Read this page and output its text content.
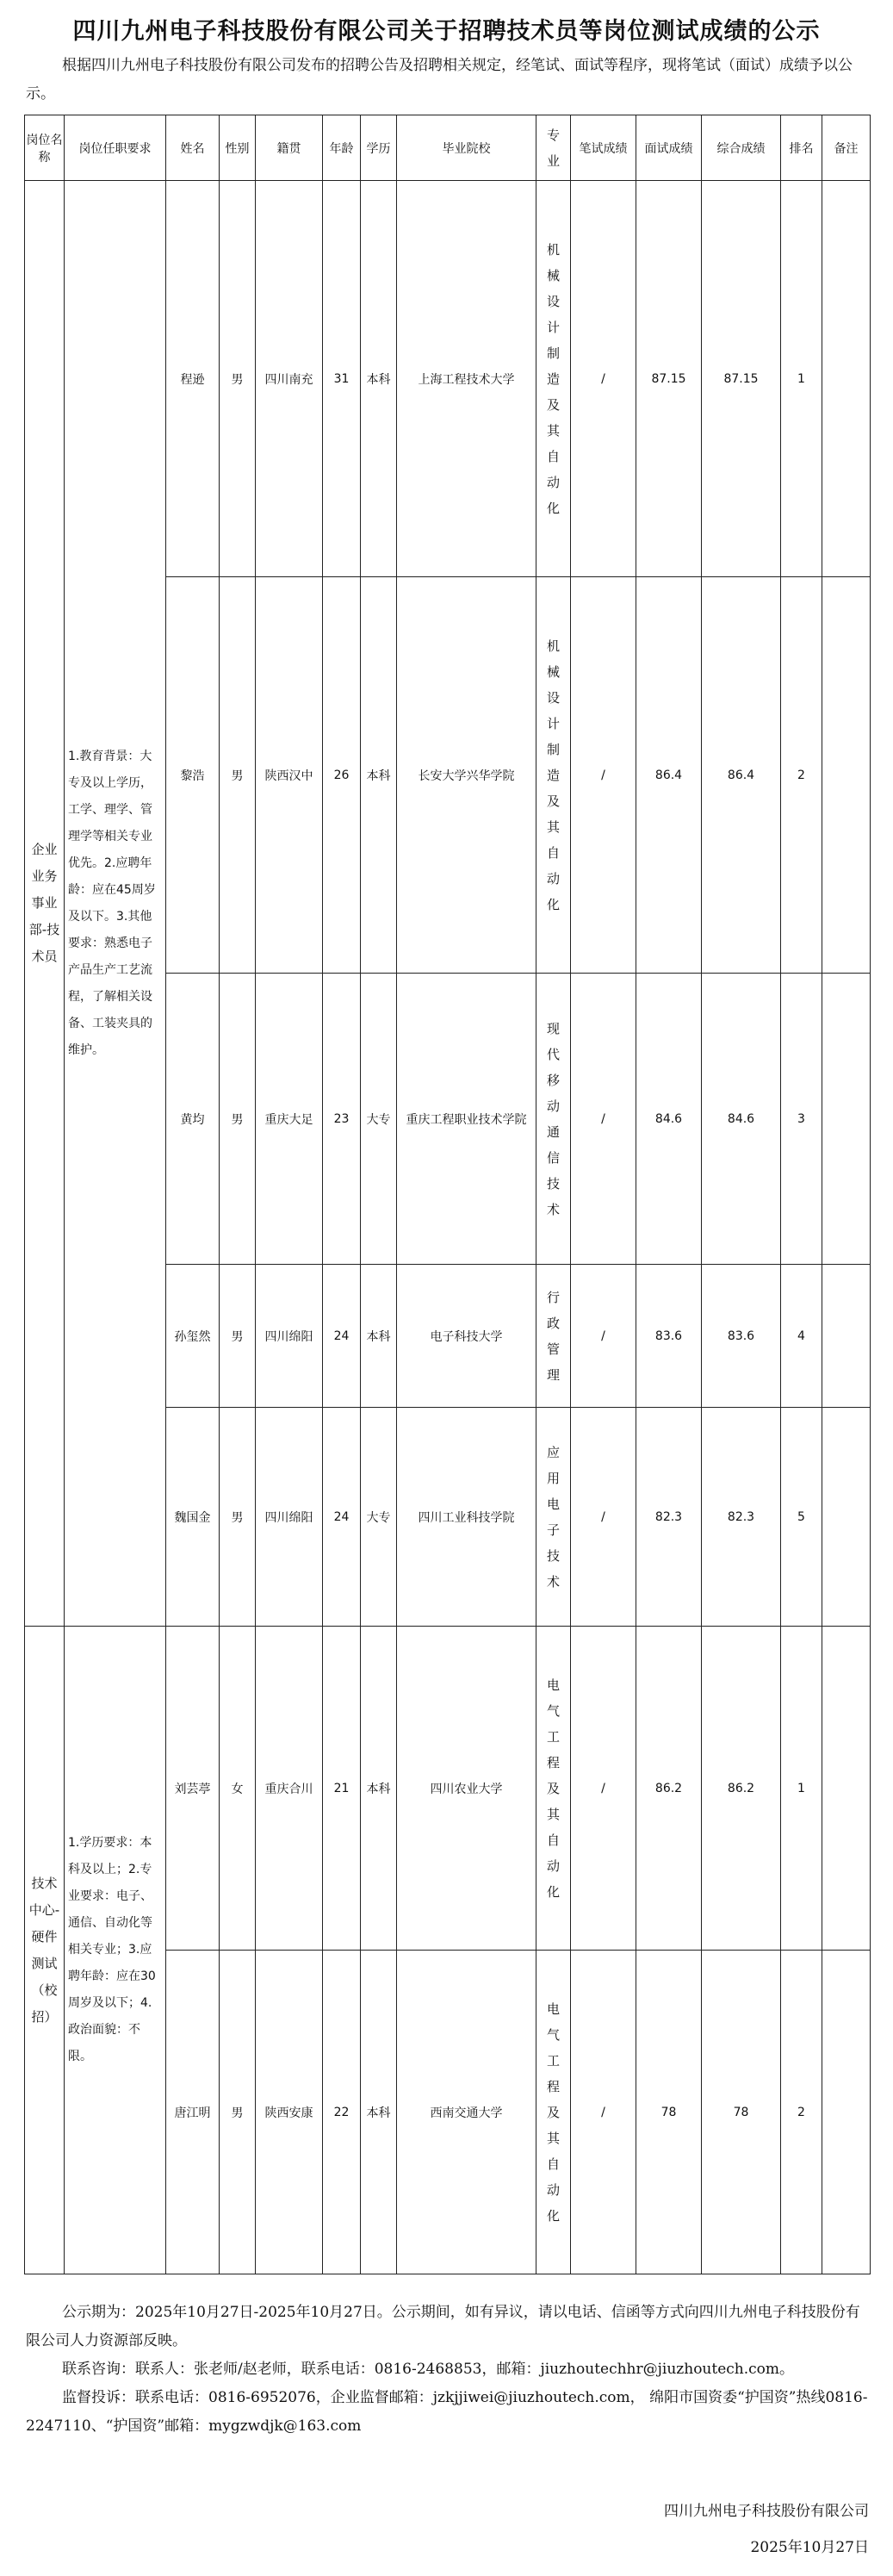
四川九州电子科技股份有限公司关于招聘技术员等岗位测试成绩的公示
根据四川九州电子科技股份有限公司发布的招聘公告及招聘相关规定，经笔试、面试等程序，现将笔试（面试）成绩予以公示。
岗位名称	岗位任职要求	姓名	性别	籍贯	年龄	学历	毕业院校	专业	笔试成绩	面试成绩	综合成绩	排名	备注
企业业务事业部-技术员	1.教育背景：大专及以上学历，工学、理学、管理学等相关专业优先。2.应聘年龄：应在45周岁及以下。3.其他要求：熟悉电子产品生产工艺流程，了解相关设备、工装夹具的维护。	程逊	男	四川南充	31	本科	上海工程技术大学	机械设计制造及其自动化	/	87.15	87.15	1	
		黎浩	男	陕西汉中	26	本科	长安大学兴华学院	机械设计制造及其自动化	/	86.4	86.4	2	
		黄均	男	重庆大足	23	大专	重庆工程职业技术学院	现代移动通信技术	/	84.6	84.6	3	
		孙玺然	男	四川绵阳	24	本科	电子科技大学	行政管理	/	83.6	83.6	4	
		魏国金	男	四川绵阳	24	大专	四川工业科技学院	应用电子技术	/	82.3	82.3	5	
技术中心-硬件测试（校招）	1.学历要求：本科及以上；2.专业要求：电子、通信、自动化等相关专业；3.应聘年龄：应在30周岁及以下；4.政治面貌：不限。	刘芸葶	女	重庆合川	21	本科	四川农业大学	电气工程及其自动化	/	86.2	86.2	1	
		唐江明	男	陕西安康	22	本科	西南交通大学	电气工程及其自动化	/	78	78	2	

公示期为：2025年10月27日-2025年10月27日。公示期间，如有异议，请以电话、信函等方式向四川九州电子科技股份有限公司人力资源部反映。

联系咨询：联系人：张老师/赵老师，联系电话：0816-2468853，邮箱：jiuzhoutechhr@jiuzhoutech.com。

监督投诉：联系电话：0816-6952076，企业监督邮箱：jzkjjiwei@jiuzhoutech.com， 绵阳市国资委“护国资”热线0816-2247110、“护国资”邮箱：mygzwdjk@163.com

四川九州电子科技股份有限公司
2025年10月27日
